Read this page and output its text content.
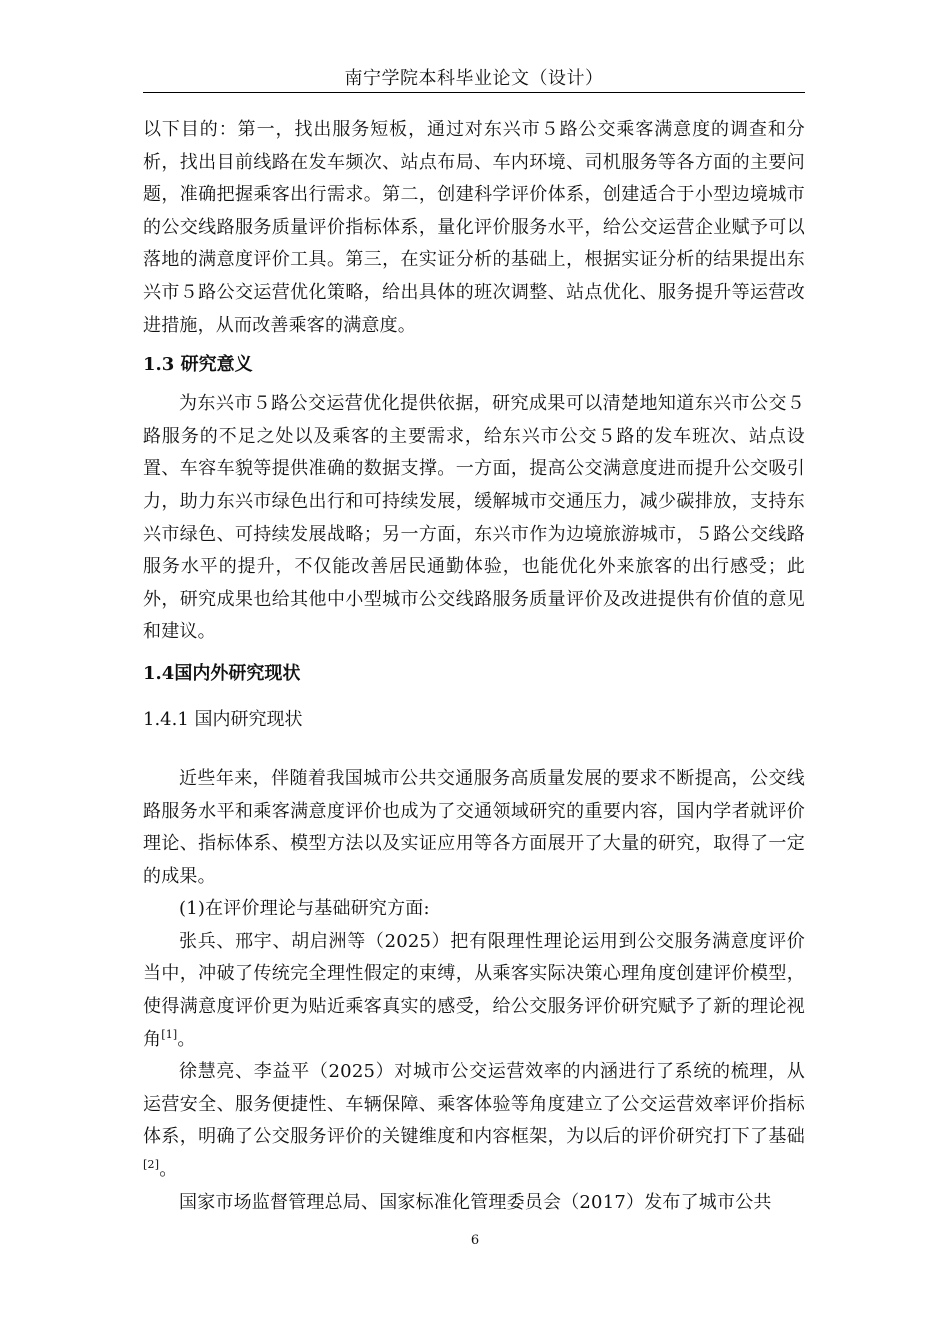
南宁学院本科毕业论文（设计）

以下目的：第一，找出服务短板，通过对东兴市５路公交乘客满意度的调查和分析，找出目前线路在发车频次、站点布局、车内环境、司机服务等各方面的主要问题，准确把握乘客出行需求。第二，创建科学评价体系，创建适合于小型边境城市的公交线路服务质量评价指标体系，量化评价服务水平，给公交运营企业赋予可以落地的满意度评价工具。第三，在实证分析的基础上，根据实证分析的结果提出东兴市５路公交运营优化策略，给出具体的班次调整、站点优化、服务提升等运营改进措施，从而改善乘客的满意度。

1.3 研究意义

为东兴市５路公交运营优化提供依据，研究成果可以清楚地知道东兴市公交５路服务的不足之处以及乘客的主要需求，给东兴市公交５路的发车班次、站点设置、车容车貌等提供准确的数据支撑。一方面，提高公交满意度进而提升公交吸引力，助力东兴市绿色出行和可持续发展，缓解城市交通压力，减少碳排放，支持东兴市绿色、可持续发展战略；另一方面，东兴市作为边境旅游城市，５路公交线路服务水平的提升，不仅能改善居民通勤体验，也能优化外来旅客的出行感受；此外，研究成果也给其他中小型城市公交线路服务质量评价及改进提供有价值的意见和建议。

1.4国内外研究现状

1.4.1 国内研究现状

近些年来，伴随着我国城市公共交通服务高质量发展的要求不断提高，公交线路服务水平和乘客满意度评价也成为了交通领域研究的重要内容，国内学者就评价理论、指标体系、模型方法以及实证应用等各方面展开了大量的研究，取得了一定的成果。

(1)在评价理论与基础研究方面:

张兵、邢宇、胡启洲等（2025）把有限理性理论运用到公交服务满意度评价当中，冲破了传统完全理性假定的束缚，从乘客实际决策心理角度创建评价模型，使得满意度评价更为贴近乘客真实的感受，给公交服务评价研究赋予了新的理论视角[1]。

徐慧亮、李益平（2025）对城市公交运营效率的内涵进行了系统的梳理，从运营安全、服务便捷性、车辆保障、乘客体验等角度建立了公交运营效率评价指标体系，明确了公交服务评价的关键维度和内容框架，为以后的评价研究打下了基础[2]。

国家市场监督管理总局、国家标准化管理委员会（2017）发布了城市公共

6
